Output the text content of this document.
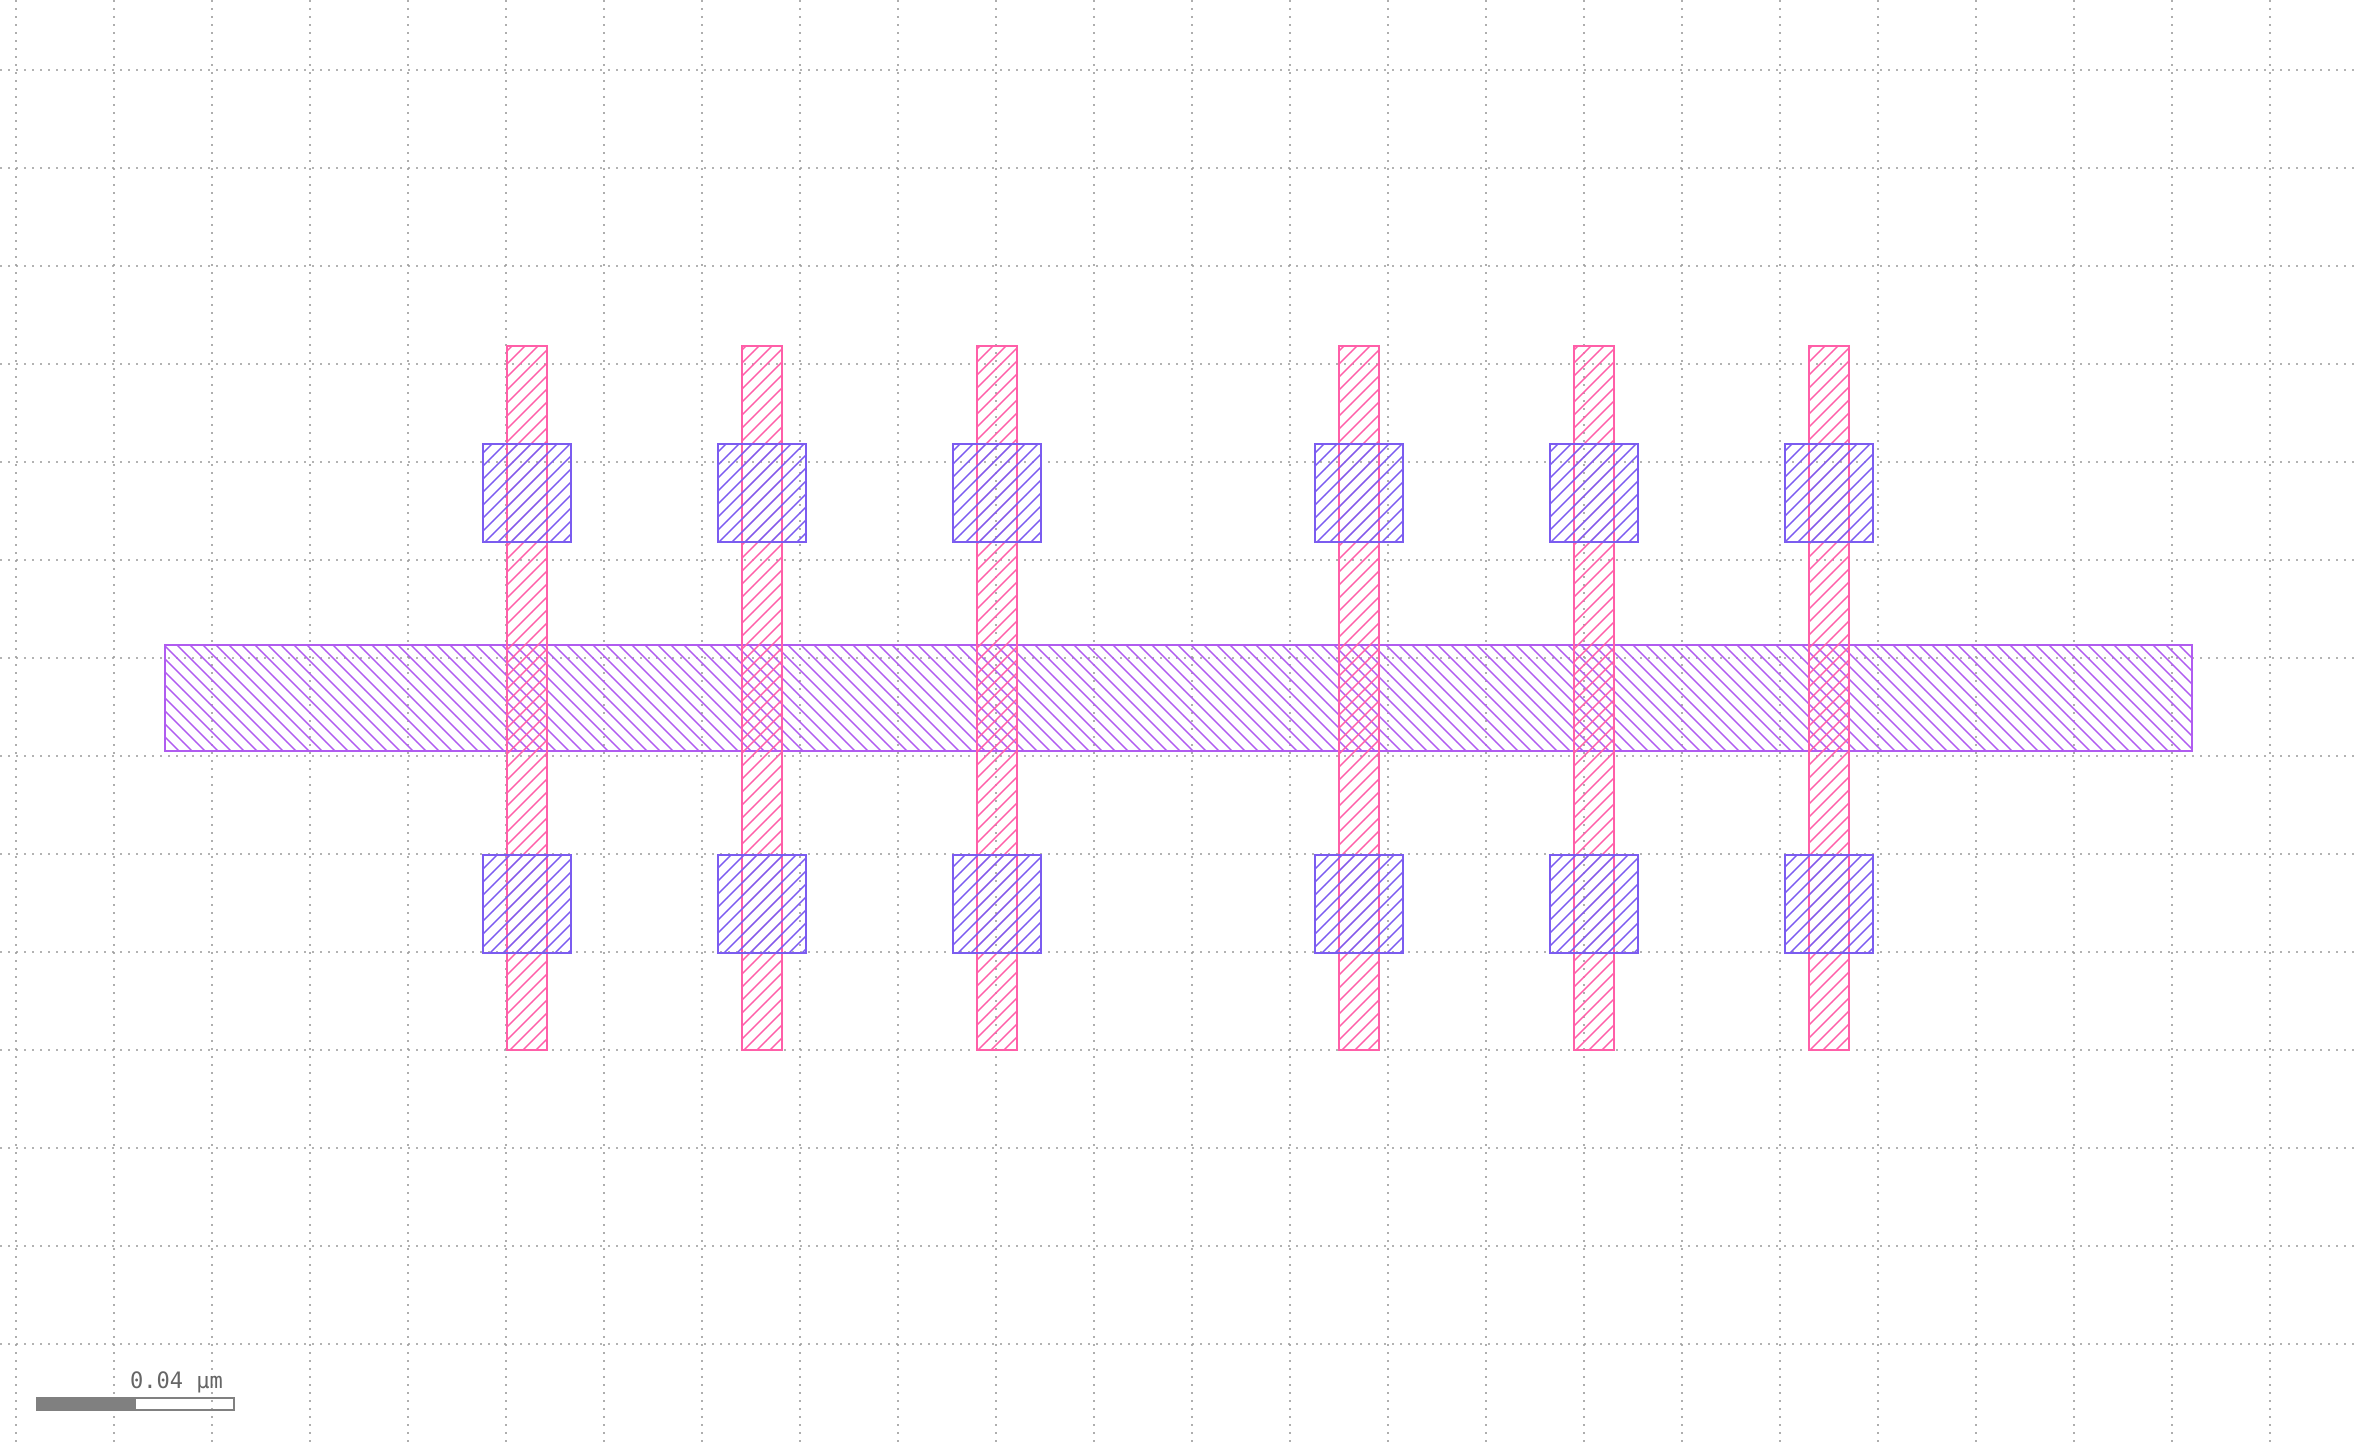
0.04 µm
